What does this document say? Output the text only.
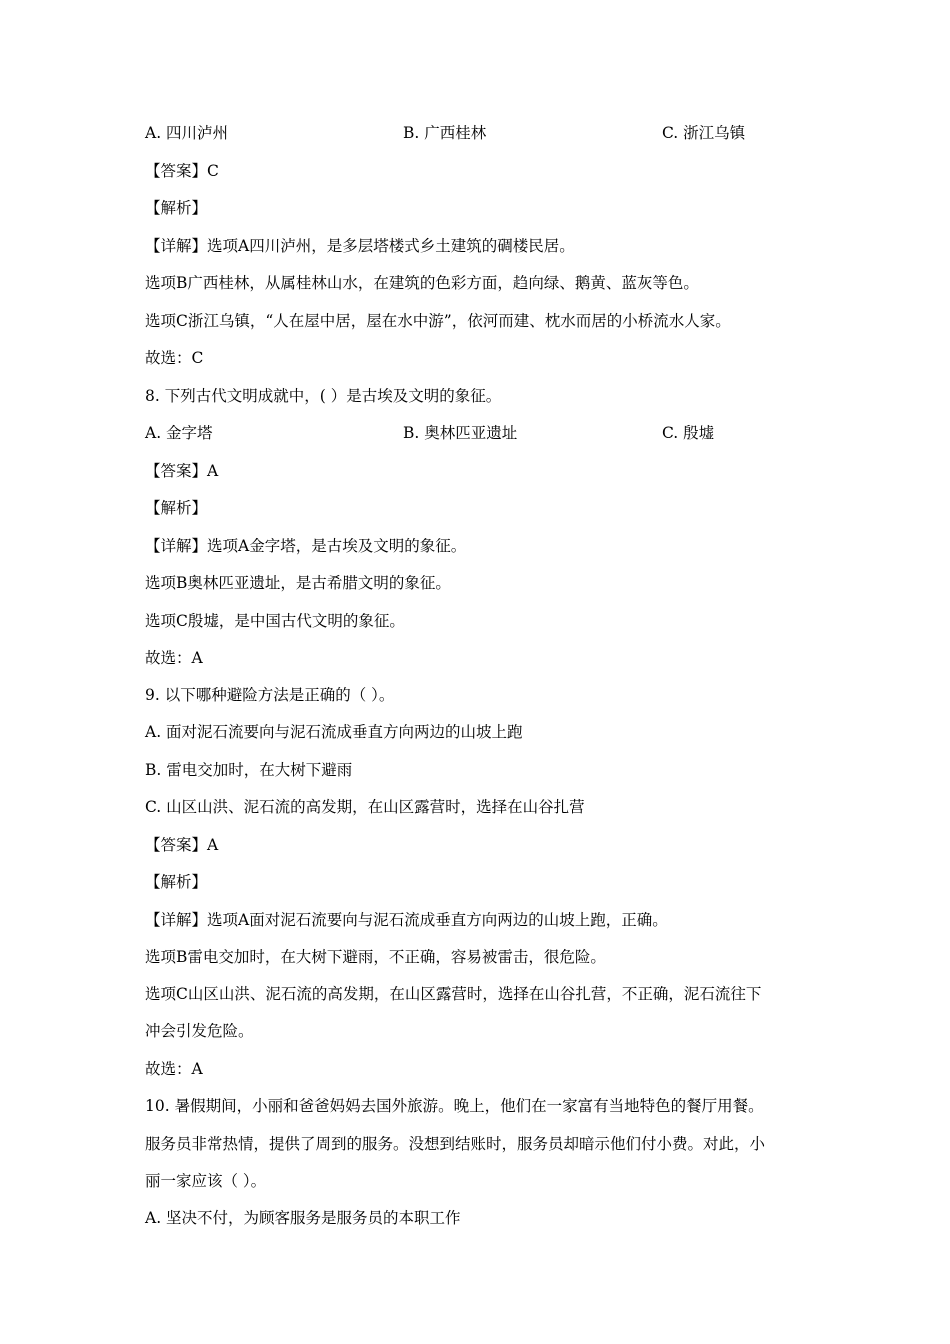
A. 四川泸州	B. 广西桂林	C. 浙江乌镇
【答案】C
【解析】
【详解】选项A四川泸州，是多层塔楼式乡土建筑的碉楼民居。
选项B广西桂林，从属桂林山水，在建筑的色彩方面，趋向绿、鹅黄、蓝灰等色。
选项C浙江乌镇，“人在屋中居，屋在水中游”，依河而建、枕水而居的小桥流水人家。
故选：C
8. 下列古代文明成就中，( ）是古埃及文明的象征。
A. 金字塔	B. 奥林匹亚遗址	C. 殷墟
【答案】A
【解析】
【详解】选项A金字塔，是古埃及文明的象征。
选项B奥林匹亚遗址，是古希腊文明的象征。
选项C殷墟，是中国古代文明的象征。
故选：A
9. 以下哪种避险方法是正确的（ ）。
A. 面对泥石流要向与泥石流成垂直方向两边的山坡上跑
B. 雷电交加时，在大树下避雨
C. 山区山洪、泥石流的高发期，在山区露营时，选择在山谷扎营
【答案】A
【解析】
【详解】选项A面对泥石流要向与泥石流成垂直方向两边的山坡上跑，正确。
选项B雷电交加时，在大树下避雨，不正确，容易被雷击，很危险。
选项C山区山洪、泥石流的高发期，在山区露营时，选择在山谷扎营，不正确，泥石流往下
冲会引发危险。
故选：A
10. 暑假期间，小丽和爸爸妈妈去国外旅游。晚上，他们在一家富有当地特色的餐厅用餐。
服务员非常热情，提供了周到的服务。没想到结账时，服务员却暗示他们付小费。对此，小
丽一家应该（ ）。
A. 坚决不付，为顾客服务是服务员的本职工作
